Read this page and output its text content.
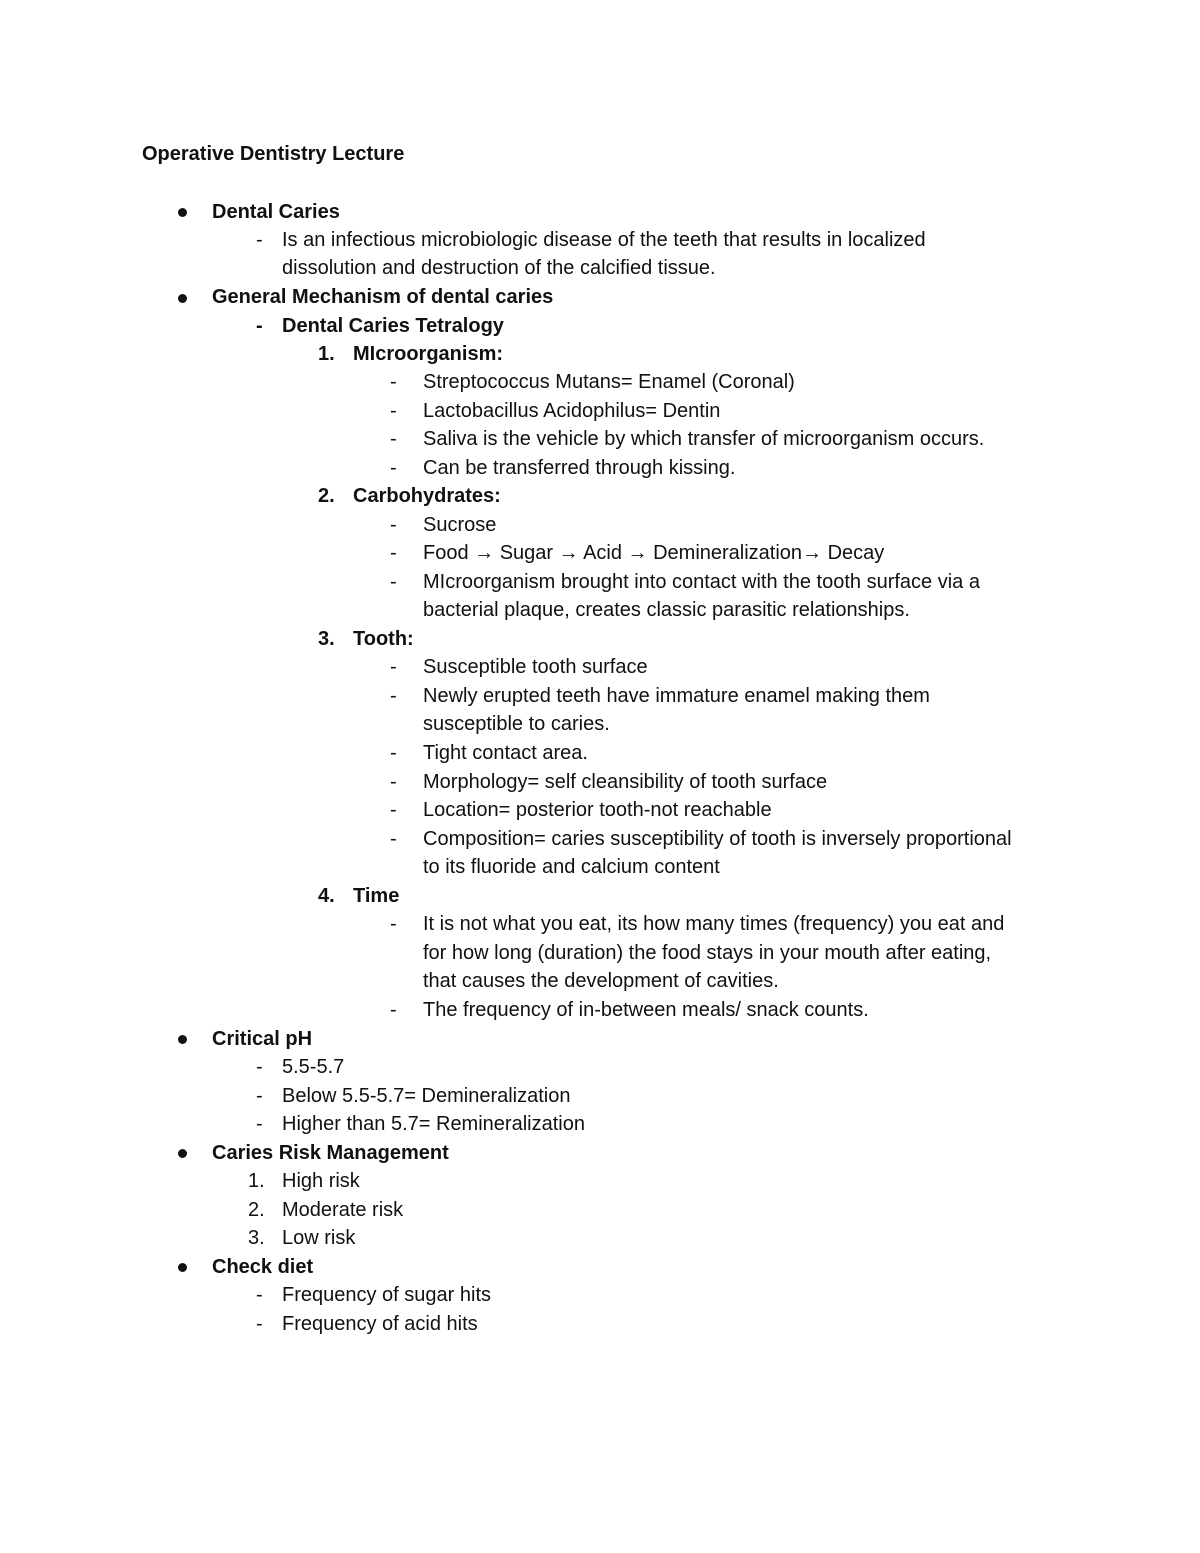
Operative Dentistry Lecture
Dental Caries
- Is an infectious microbiologic disease of the teeth that results in localized
dissolution and destruction of the calcified tissue.
General Mechanism of dental caries
- Dental Caries Tetralogy
1. MIcroorganism:
- Streptococcus Mutans= Enamel (Coronal)
- Lactobacillus Acidophilus= Dentin
- Saliva is the vehicle by which transfer of microorganism occurs.
- Can be transferred through kissing.
2. Carbohydrates:
- Sucrose
- Food → Sugar → Acid → Demineralization→ Decay
- MIcroorganism brought into contact with the tooth surface via a
bacterial plaque, creates classic parasitic relationships.
3. Tooth:
- Susceptible tooth surface
- Newly erupted teeth have immature enamel making them
susceptible to caries.
- Tight contact area.
- Morphology= self cleansibility of tooth surface
- Location= posterior tooth-not reachable
- Composition= caries susceptibility of tooth is inversely proportional
to its fluoride and calcium content
4. Time
- It is not what you eat, its how many times (frequency) you eat and
for how long (duration) the food stays in your mouth after eating,
that causes the development of cavities.
- The frequency of in-between meals/ snack counts.
Critical pH
- 5.5-5.7
- Below 5.5-5.7= Demineralization
- Higher than 5.7= Remineralization
Caries Risk Management
1. High risk
2. Moderate risk
3. Low risk
Check diet
- Frequency of sugar hits
- Frequency of acid hits
